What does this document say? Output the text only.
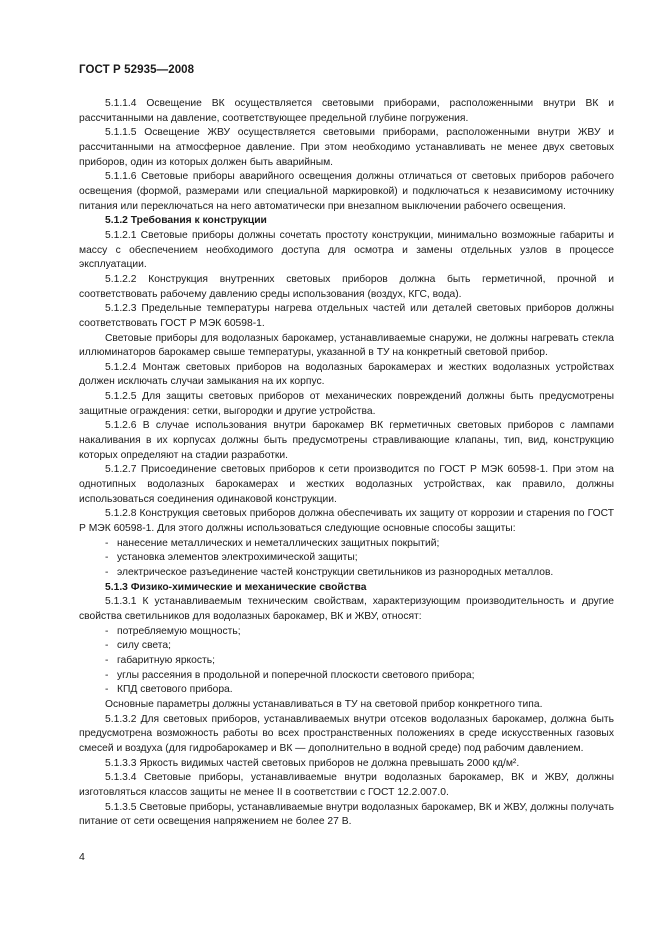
ГОСТ Р 52935—2008

5.1.1.4 Освещение ВК осуществляется световыми приборами, расположенными внутри ВК и рассчитанными на давление, соответствующее предельной глубине погружения.

5.1.1.5 Освещение ЖВУ осуществляется световыми приборами, расположенными внутри ЖВУ и рассчитанными на атмосферное давление. При этом необходимо устанавливать не менее двух световых приборов, один из которых должен быть аварийным.

5.1.1.6 Световые приборы аварийного освещения должны отличаться от световых приборов рабочего освещения (формой, размерами или специальной маркировкой) и подключаться к независимому источнику питания или переключаться на него автоматически при внезапном выключении рабочего освещения.

5.1.2 Требования к конструкции

5.1.2.1 Световые приборы должны сочетать простоту конструкции, минимально возможные габариты и массу с обеспечением необходимого доступа для осмотра и замены отдельных узлов в процессе эксплуатации.

5.1.2.2 Конструкция внутренних световых приборов должна быть герметичной, прочной и соответствовать рабочему давлению среды использования (воздух, КГС, вода).

5.1.2.3 Предельные температуры нагрева отдельных частей или деталей световых приборов должны соответствовать ГОСТ Р МЭК 60598-1.

Световые приборы для водолазных барокамер, устанавливаемые снаружи, не должны нагревать стекла иллюминаторов барокамер свыше температуры, указанной в ТУ на конкретный световой прибор.

5.1.2.4 Монтаж световых приборов на водолазных барокамерах и жестких водолазных устройствах должен исключать случаи замыкания на их корпус.

5.1.2.5 Для защиты световых приборов от механических повреждений должны быть предусмотрены защитные ограждения: сетки, выгородки и другие устройства.

5.1.2.6 В случае использования внутри барокамер ВК герметичных световых приборов с лампами накаливания в их корпусах должны быть предусмотрены стравливающие клапаны, тип, вид, конструкцию которых определяют на стадии разработки.

5.1.2.7 Присоединение световых приборов к сети производится по ГОСТ Р МЭК 60598-1. При этом на однотипных водолазных барокамерах и жестких водолазных устройствах, как правило, должны использоваться соединения одинаковой конструкции.

5.1.2.8 Конструкция световых приборов должна обеспечивать их защиту от коррозии и старения по ГОСТ Р МЭК 60598-1. Для этого должны использоваться следующие основные способы защиты:

- нанесение металлических и неметаллических защитных покрытий;

- установка элементов электрохимической защиты;

- электрическое разъединение частей конструкции светильников из разнородных металлов.

5.1.3 Физико-химические и механические свойства

5.1.3.1 К устанавливаемым техническим свойствам, характеризующим производительность и другие свойства светильников для водолазных барокамер, ВК и ЖВУ, относят:

- потребляемую мощность;

- силу света;

- габаритную яркость;

- углы рассеяния в продольной и поперечной плоскости светового прибора;

- КПД светового прибора.

Основные параметры должны устанавливаться в ТУ на световой прибор конкретного типа.

5.1.3.2 Для световых приборов, устанавливаемых внутри отсеков водолазных барокамер, должна быть предусмотрена возможность работы во всех пространственных положениях в среде искусственных газовых смесей и воздуха (для гидробарокамер и ВК — дополнительно в водной среде) под рабочим давлением.

5.1.3.3 Яркость видимых частей световых приборов не должна превышать 2000 кд/м².

5.1.3.4 Световые приборы, устанавливаемые внутри водолазных барокамер, ВК и ЖВУ, должны изготовляться классов защиты не менее II в соответствии с ГОСТ 12.2.007.0.

5.1.3.5 Световые приборы, устанавливаемые внутри водолазных барокамер, ВК и ЖВУ, должны получать питание от сети освещения напряжением не более 27 В.

4
